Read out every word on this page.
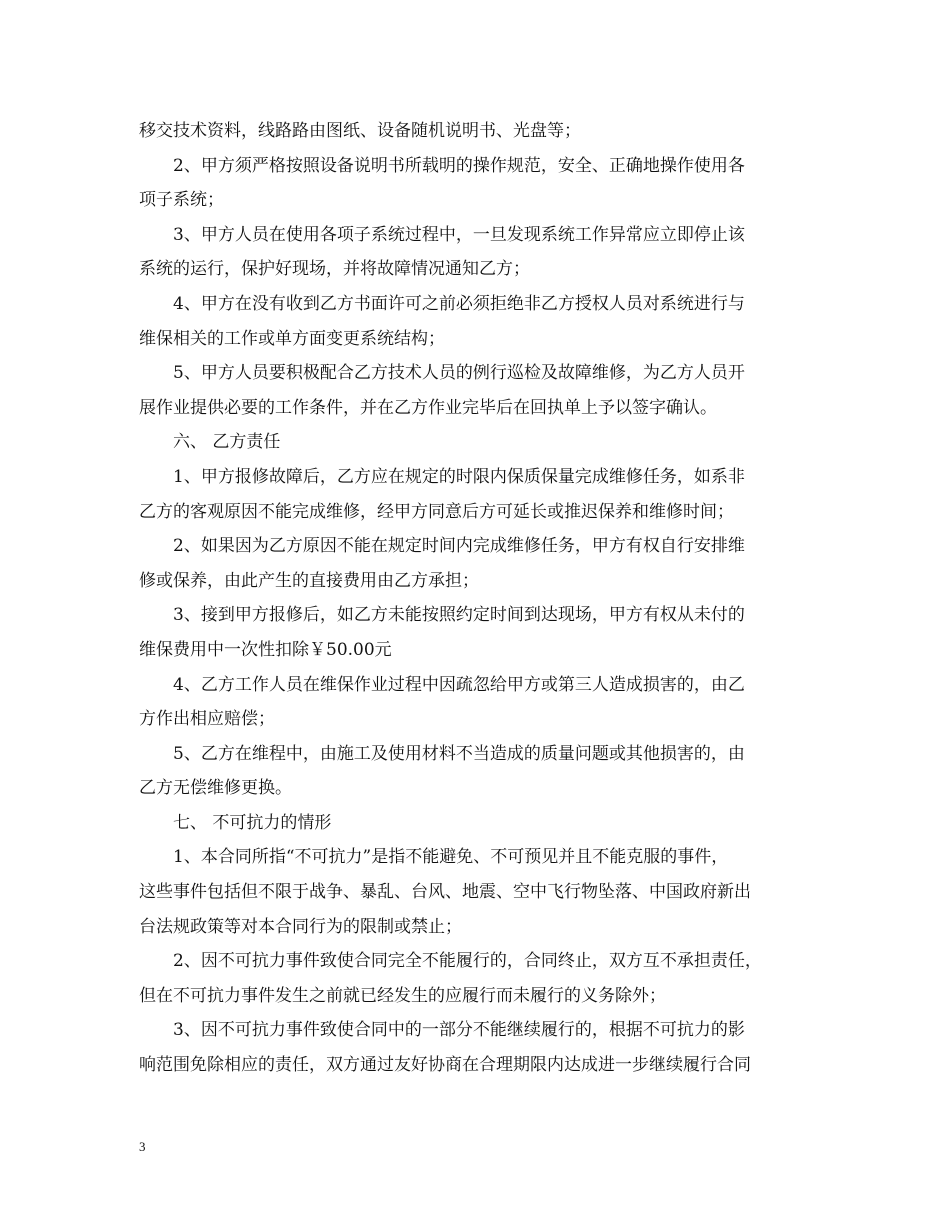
移交技术资料，线路路由图纸、设备随机说明书、光盘等；
2、甲方须严格按照设备说明书所载明的操作规范，安全、正确地操作使用各
项子系统；
3、甲方人员在使用各项子系统过程中，一旦发现系统工作异常应立即停止该
系统的运行，保护好现场，并将故障情况通知乙方；
4、甲方在没有收到乙方书面许可之前必须拒绝非乙方授权人员对系统进行与
维保相关的工作或单方面变更系统结构；
5、甲方人员要积极配合乙方技术人员的例行巡检及故障维修，为乙方人员开
展作业提供必要的工作条件，并在乙方作业完毕后在回执单上予以签字确认。
六、 乙方责任
1、甲方报修故障后，乙方应在规定的时限内保质保量完成维修任务，如系非
乙方的客观原因不能完成维修，经甲方同意后方可延长或推迟保养和维修时间；
2、如果因为乙方原因不能在规定时间内完成维修任务，甲方有权自行安排维
修或保养，由此产生的直接费用由乙方承担；
3、接到甲方报修后，如乙方未能按照约定时间到达现场，甲方有权从未付的
维保费用中一次性扣除￥50.00元
4、乙方工作人员在维保作业过程中因疏忽给甲方或第三人造成损害的，由乙
方作出相应赔偿；
5、乙方在维程中，由施工及使用材料不当造成的质量问题或其他损害的，由
乙方无偿维修更换。
七、 不可抗力的情形
1、本合同所指“不可抗力”是指不能避免、不可预见并且不能克服的事件，
这些事件包括但不限于战争、暴乱、台风、地震、空中飞行物坠落、中国政府新出
台法规政策等对本合同行为的限制或禁止；
2、因不可抗力事件致使合同完全不能履行的，合同终止，双方互不承担责任，
但在不可抗力事件发生之前就已经发生的应履行而未履行的义务除外；
3、因不可抗力事件致使合同中的一部分不能继续履行的，根据不可抗力的影
响范围免除相应的责任，双方通过友好协商在合理期限内达成进一步继续履行合同
3
